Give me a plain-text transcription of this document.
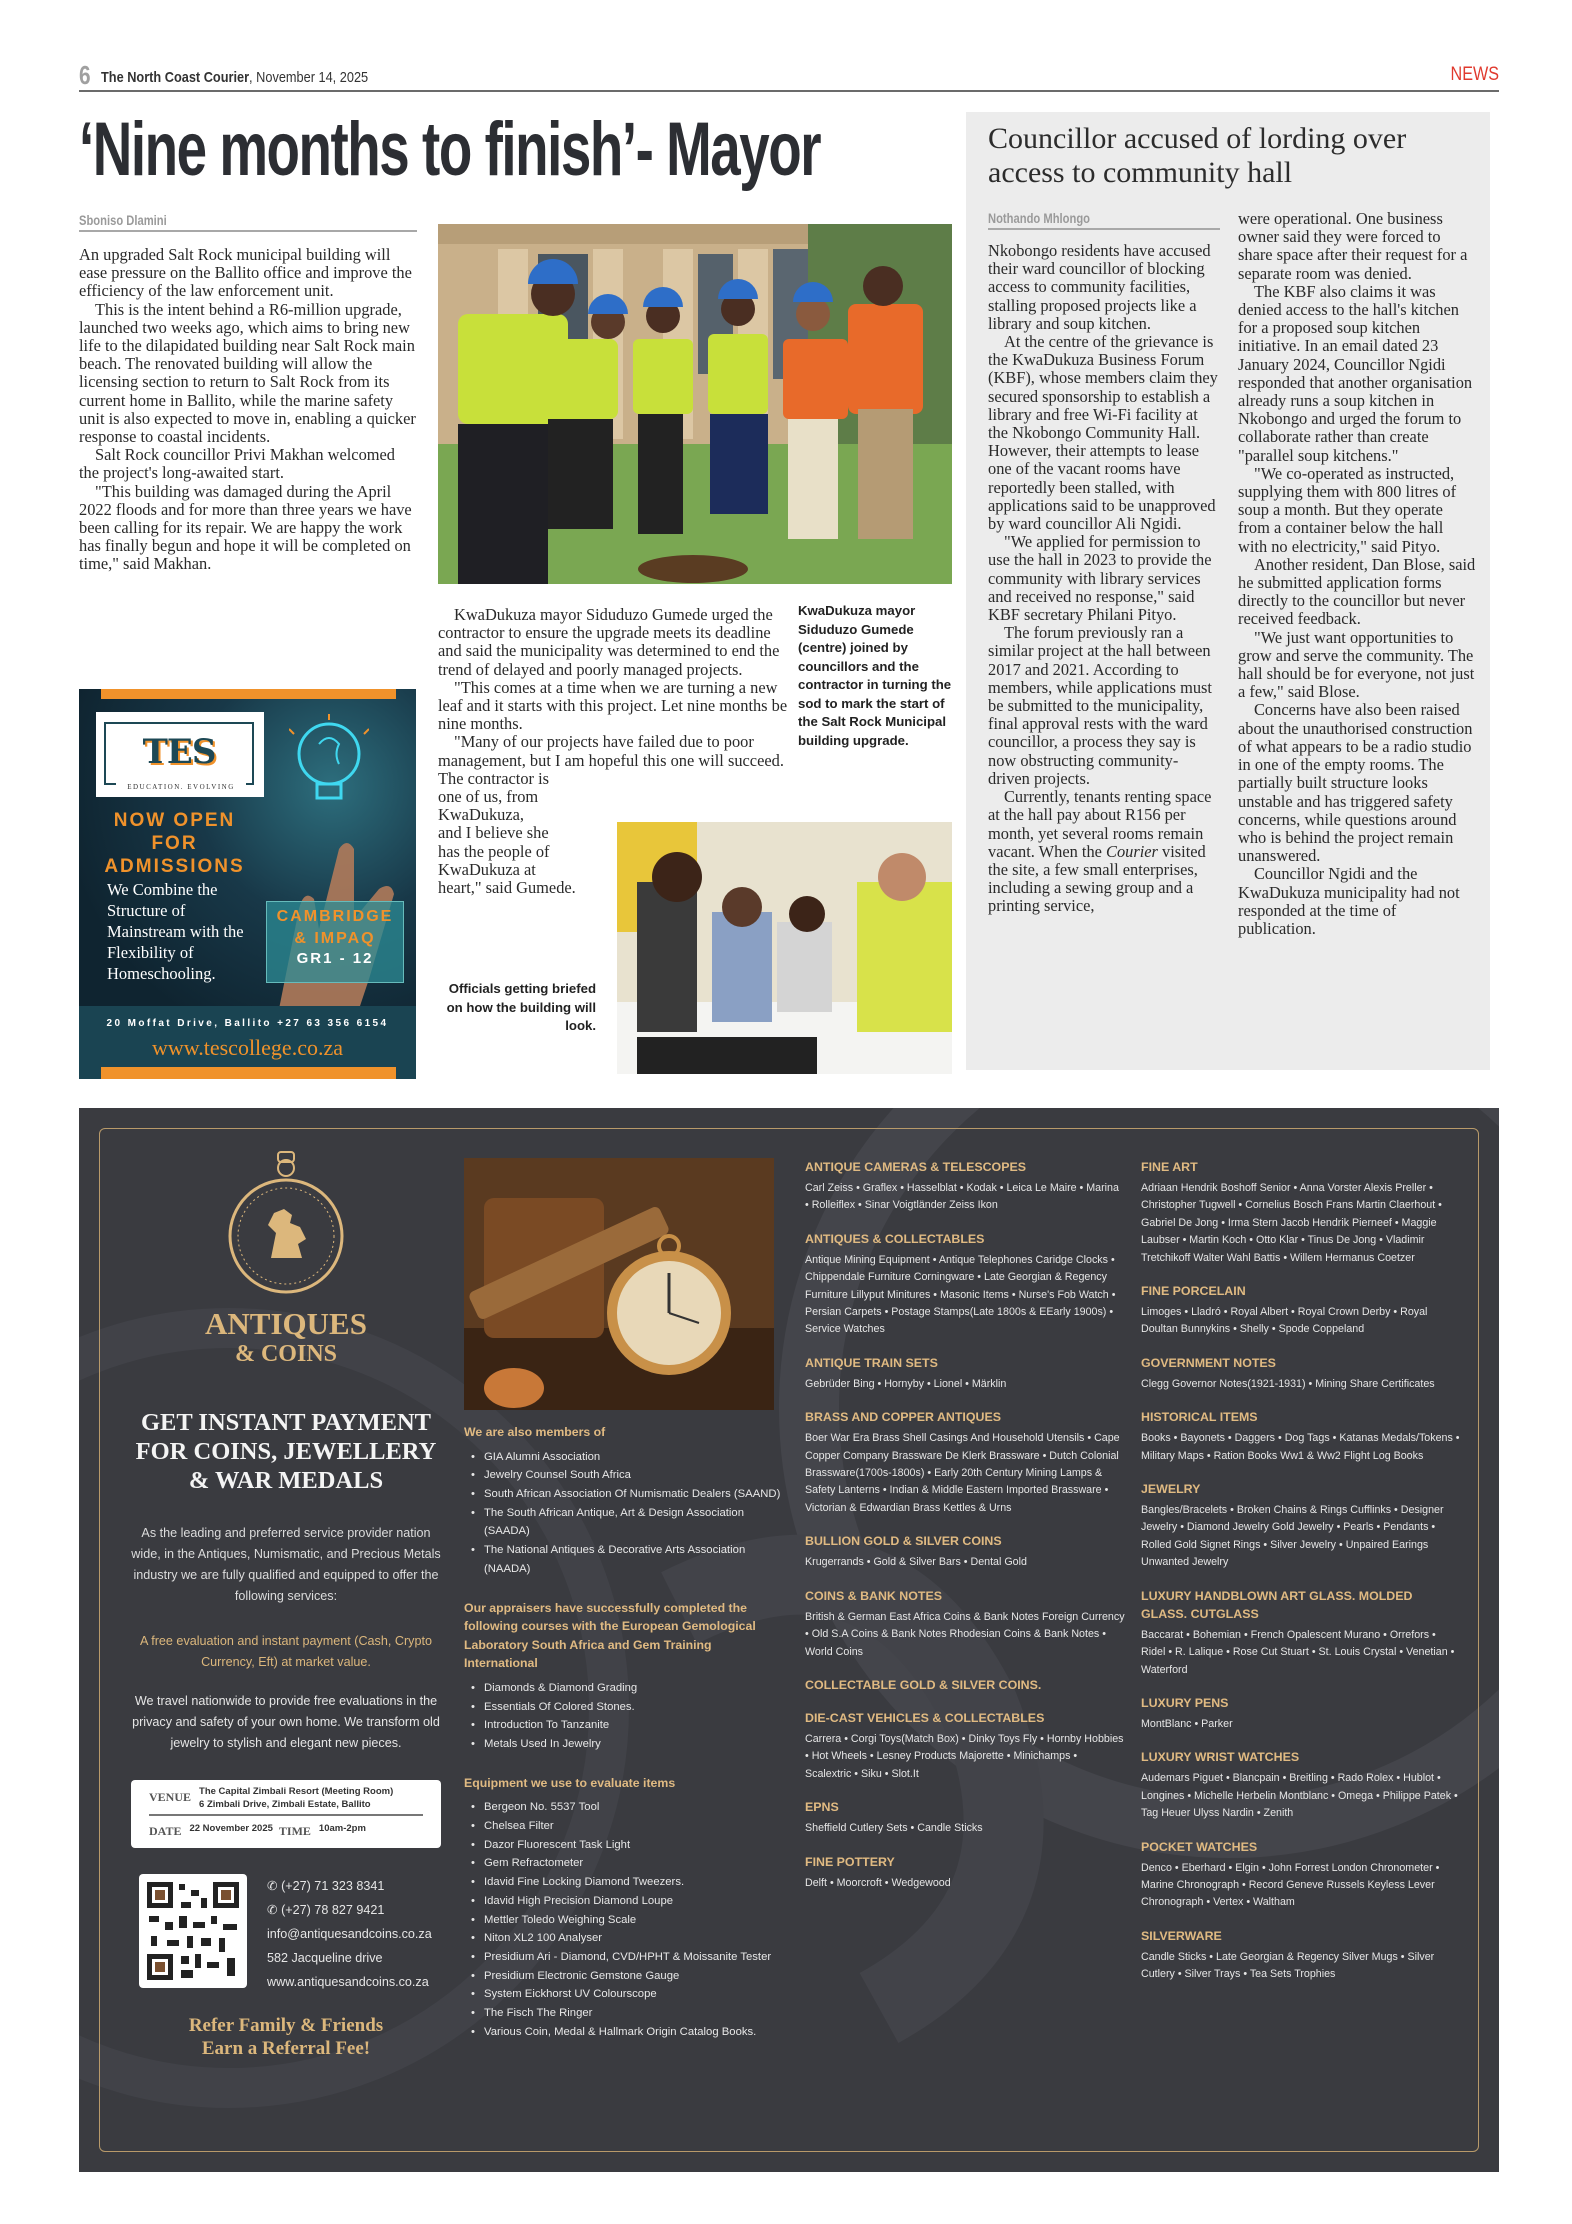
6 The North Coast Courier, November 14, 2025	NEWS
‘Nine months to finish’- Mayor
Sboniso Dlamini

An upgraded Salt Rock municipal building will ease pressure on the Ballito office and improve the efficiency of the law enforcement unit.

This is the intent behind a R6-million upgrade, launched two weeks ago, which aims to bring new life to the dilapidated building near Salt Rock main beach. The renovated building will allow the licensing section to return to Salt Rock from its current home in Ballito, while the marine safety unit is also expected to move in, enabling a quicker response to coastal incidents.

Salt Rock councillor Privi Makhan welcomed the project's long-awaited start.

"This building was damaged during the April 2022 floods and for more than three years we have been calling for its repair. We are happy the work has finally begun and hope it will be completed on time," said Makhan.

KwaDukuza mayor Siduduzo Gumede urged the contractor to ensure the upgrade meets its deadline and said the municipality was determined to end the trend of delayed and poorly managed projects.

"This comes at a time when we are turning a new leaf and it starts with this project. Let nine months be nine months.

"Many of our projects have failed due to poor management, but I am hopeful this one will succeed.

The contractor is
one of us, from
KwaDukuza,
and I believe she
has the people of
KwaDukuza at
heart," said Gumede.
KwaDukuza mayor Siduduzo Gumede (centre) joined by councillors and the contractor in turning the sod to mark the start of the Salt Rock Municipal building upgrade.
Officials getting briefed on how the building will look.
Councillor accused of lording over access to community hall
Nothando Mhlongo

Nkobongo residents have accused their ward councillor of blocking access to community facilities, stalling proposed projects like a library and soup kitchen.

At the centre of the grievance is the KwaDukuza Business Forum (KBF), whose members claim they secured sponsorship to establish a library and free Wi-Fi facility at the Nkobongo Community Hall. However, their attempts to lease one of the vacant rooms have reportedly been stalled, with applications said to be unapproved by ward councillor Ali Ngidi.

"We applied for permission to use the hall in 2023 to provide the community with library services and received no response," said KBF secretary Philani Pityo.

The forum previously ran a similar project at the hall between 2017 and 2021. According to members, while applications must be submitted to the municipality, final approval rests with the ward councillor, a process they say is now obstructing community-driven projects.

Currently, tenants renting space at the hall pay about R156 per month, yet several rooms remain vacant. When the Courier visited the site, a few small enterprises, including a sewing group and a printing service,

were operational. One business owner said they were forced to share space after their request for a separate room was denied.

The KBF also claims it was denied access to the hall's kitchen for a proposed soup kitchen initiative. In an email dated 23 January 2024, Councillor Ngidi responded that another organisation already runs a soup kitchen in Nkobongo and urged the forum to collaborate rather than create "parallel soup kitchens."

"We co-operated as instructed, supplying them with 800 litres of soup a month. But they operate from a container below the hall with no electricity," said Pityo.

Another resident, Dan Blose, said he submitted application forms directly to the councillor but never received feedback.

"We just want opportunities to grow and serve the community. The hall should be for everyone, not just a few," said Blose.

Concerns have also been raised about the unauthorised construction of what appears to be a radio studio in one of the empty rooms. The partially built structure looks unstable and has triggered safety concerns, while questions around who is behind the project remain unanswered.

Councillor Ngidi and the KwaDukuza municipality had not responded at the time of publication.

TES
EDUCATION. EVOLVING
NOW OPEN
FOR
ADMISSIONS
We Combine the Structure of Mainstream with the Flexibility of Homeschooling.
CAMBRIDGE
& IMPAQ
GR1 - 12
20 Moffat Drive, Ballito +27 63 356 6154
www.tescollege.co.za
ANTIQUES
& COINS
GET INSTANT PAYMENT FOR COINS, JEWELLERY & WAR MEDALS
As the leading and preferred service provider nation wide, in the Antiques, Numismatic, and Precious Metals industry we are fully qualified and equipped to offer the following services:
A free evaluation and instant payment (Cash, Crypto Currency, Eft) at market value.
We travel nationwide to provide free evaluations in the privacy and safety of your own home. We transform old jewelry to stylish and elegant new pieces.
VENUE The Capital Zimbali Resort (Meeting Room)
6 Zimbali Drive, Zimbali Estate, Ballito
DATE 22 November 2025 TIME 10am-2pm
✆ (+27) 71 323 8341
✆ (+27) 78 827 9421
info@antiquesandcoins.co.za
582 Jacqueline drive
www.antiquesandcoins.co.za
Refer Family & Friends
Earn a Referral Fee!
We are also members of
• GIA Alumni Association
• Jewelry Counsel South Africa
• South African Association Of Numismatic Dealers (SAAND)
• The South African Antique, Art & Design Association (SAADA)
• The National Antiques & Decorative Arts Association (NAADA)
Our appraisers have successfully completed the following courses with the European Gemological Laboratory South Africa and Gem Training International
• Diamonds & Diamond Grading
• Essentials Of Colored Stones.
• Introduction To Tanzanite
• Metals Used In Jewelry
Equipment we use to evaluate items
• Bergeon No. 5537 Tool
• Chelsea Filter
• Dazor Fluorescent Task Light
• Gem Refractometer
• Idavid Fine Locking Diamond Tweezers.
• Idavid High Precision Diamond Loupe
• Mettler Toledo Weighing Scale
• Niton XL2 100 Analyser
• Presidium Ari - Diamond, CVD/HPHT & Moissanite Tester
• Presidium Electronic Gemstone Gauge
• System Eickhorst UV Colourscope
• The Fisch The Ringer
• Various Coin, Medal & Hallmark Origin Catalog Books.
ANTIQUE CAMERAS & TELESCOPES

Carl Zeiss • Graflex • Hasselblat • Kodak • Leica Le Maire • Marina • Rolleiflex • Sinar Voigtländer Zeiss Ikon

ANTIQUES & COLLECTABLES

Antique Mining Equipment • Antique Telephones Caridge Clocks • Chippendale Furniture Corningware • Late Georgian & Regency Furniture Lillyput Minitures • Masonic Items • Nurse's Fob Watch • Persian Carpets • Postage Stamps(Late 1800s & EEarly 1900s) • Service Watches

ANTIQUE TRAIN SETS

Gebrüder Bing • Hornyby • Lionel • Märklin

BRASS AND COPPER ANTIQUES

Boer War Era Brass Shell Casings And Household Utensils • Cape Copper Company Brassware De Klerk Brassware • Dutch Colonial Brassware(1700s-1800s) • Early 20th Century Mining Lamps & Safety Lanterns • Indian & Middle Eastern Imported Brassware • Victorian & Edwardian Brass Kettles & Urns

BULLION GOLD & SILVER COINS

Krugerrands • Gold & Silver Bars • Dental Gold

COINS & BANK NOTES

British & German East Africa Coins & Bank Notes Foreign Currency • Old S.A Coins & Bank Notes Rhodesian Coins & Bank Notes • World Coins

COLLECTABLE GOLD & SILVER COINS.
DIE-CAST VEHICLES & COLLECTABLES

Carrera • Corgi Toys(Match Box) • Dinky Toys Fly • Hornby Hobbies • Hot Wheels • Lesney Products Majorette • Minichamps • Scalextric • Siku • Slot.It

EPNS

Sheffield Cutlery Sets • Candle Sticks

FINE POTTERY

Delft • Moorcroft • Wedgewood

FINE ART

Adriaan Hendrik Boshoff Senior • Anna Vorster Alexis Preller • Christopher Tugwell • Cornelius Bosch Frans Martin Claerhout • Gabriel De Jong • Irma Stern Jacob Hendrik Pierneef • Maggie Laubser • Martin Koch • Otto Klar • Tinus De Jong • Vladimir Tretchikoff Walter Wahl Battis • Willem Hermanus Coetzer

FINE PORCELAIN

Limoges • Lladró • Royal Albert • Royal Crown Derby • Royal Doultan Bunnykins • Shelly • Spode Coppeland

GOVERNMENT NOTES

Clegg Governor Notes(1921-1931) • Mining Share Certificates

HISTORICAL ITEMS

Books • Bayonets • Daggers • Dog Tags • Katanas Medals/Tokens • Military Maps • Ration Books Ww1 & Ww2 Flight Log Books

JEWELRY

Bangles/Bracelets • Broken Chains & Rings Cufflinks • Designer Jewelry • Diamond Jewelry Gold Jewelry • Pearls • Pendants • Rolled Gold Signet Rings • Silver Jewelry • Unpaired Earings Unwanted Jewelry

LUXURY HANDBLOWN ART GLASS. MOLDED GLASS. CUTGLASS

Baccarat • Bohemian • French Opalescent Murano • Orrefors • Ridel • R. Lalique • Rose Cut Stuart • St. Louis Crystal • Venetian • Waterford

LUXURY PENS

MontBlanc • Parker

LUXURY WRIST WATCHES

Audemars Piguet • Blancpain • Breitling • Rado Rolex • Hublot • Longines • Michelle Herbelin Montblanc • Omega • Philippe Patek • Tag Heuer Ulyss Nardin • Zenith

POCKET WATCHES

Denco • Eberhard • Elgin • John Forrest London Chronometer • Marine Chronograph • Record Geneve Russels Keyless Lever Chronograph • Vertex • Waltham

SILVERWARE

Candle Sticks • Late Georgian & Regency Silver Mugs • Silver Cutlery • Silver Trays • Tea Sets Trophies
